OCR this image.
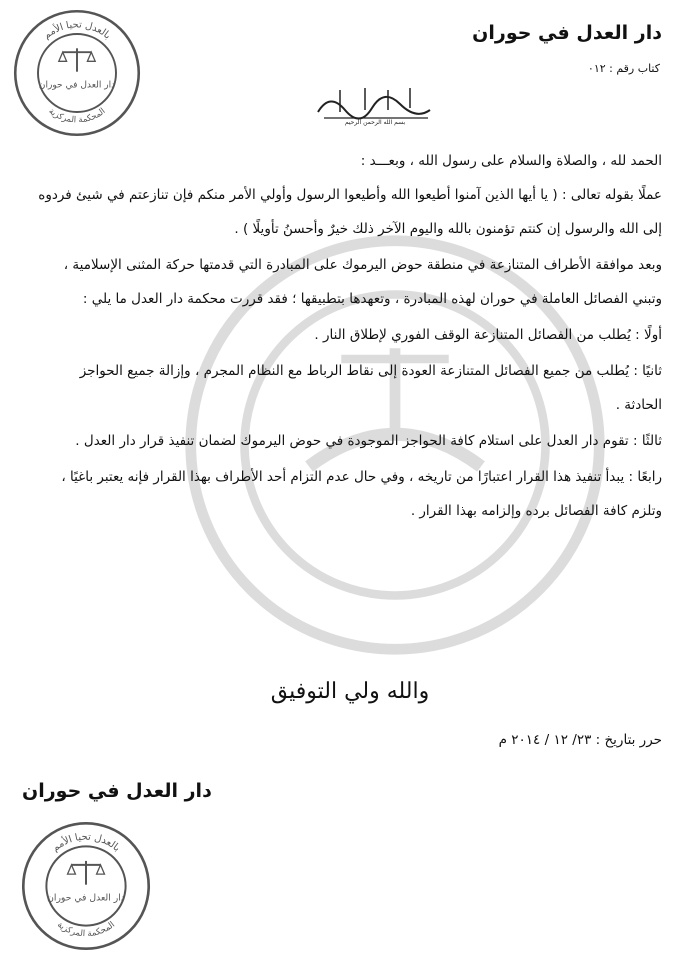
بالعدل تحيا الأمم
المحكمة المركزية
دار العدل في حوران
دار العدل في حوران
كتاب رقم : ٠١٢
بسم الله الرحمن الرحيم

الحمد لله ، والصلاة والسلام على رسول الله ، وبعـــد :

عملًا بقوله تعالى : ( يا أيها الذين آمنوا أطيعوا الله وأطيعوا الرسول وأولي الأمر منكم فإن تنازعتم في شيئ فردوه

إلى الله والرسول إن كنتم تؤمنون بالله واليوم الآخر ذلك خيرٌ وأحسنُ تأويلًا ) .

وبعد موافقة الأطراف المتنازعة في منطقة حوض اليرموك على المبادرة التي قدمتها حركة المثنى الإسلامية ،

وتبني الفصائل العاملة في حوران لهذه المبادرة ، وتعهدها بتطبيقها ؛ فقد قررت محكمة دار العدل ما يلي :

أولًا : يُطلب من الفصائل المتنازعة الوقف الفوري لإطلاق النار .

ثانيًا : يُطلب من جميع الفصائل المتنازعة العودة إلى نقاط الرباط مع النظام المجرم ، وإزالة جميع الحواجز

الحادثة .

ثالثًا : تقوم دار العدل على استلام كافة الحواجز الموجودة في حوض اليرموك لضمان تنفيذ قرار دار العدل .

رابعًا : يبدأ تنفيذ هذا القرار اعتبارًا من تاريخه ، وفي حال عدم التزام أحد الأطراف بهذا القرار فإنه يعتبر باغيًا ،

وتلزم كافة الفصائل برده وإلزامه بهذا القرار .

والله ولي التوفيق
حرر بتاريخ : ٢٣/ ١٢ / ٢٠١٤ م
دار العدل في حوران
بالعدل تحيا الأمم
المحكمة المركزية
دار العدل في حوران
